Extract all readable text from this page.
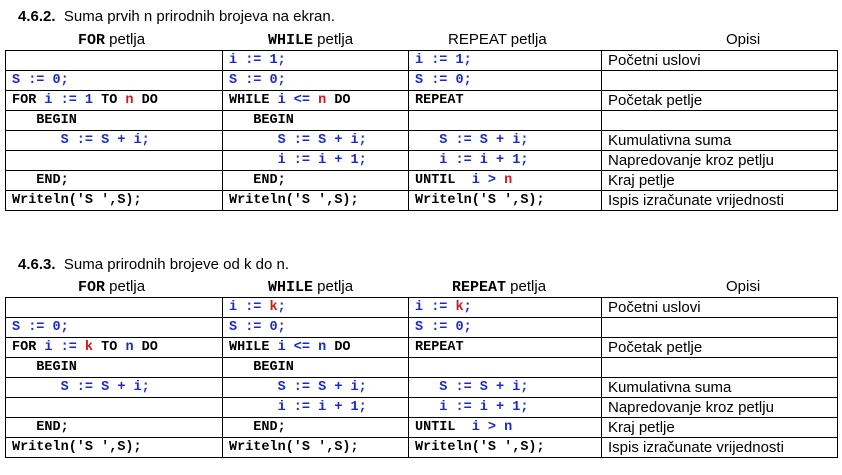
4.6.2. Suma prvih n prirodnih brojeva na ekran.
FOR petlja	WHILE petlja	REPEAT petlja	Opisi
	i := 1;	i := 1;	Početni uslovi
S := 0;	S := 0;	S := 0;	
FOR i := 1 TO n DO	WHILE i <= n DO	REPEAT	Početak petlje
BEGIN	BEGIN		
S := S + i;	S := S + i;	S := S + i;	Kumulativna suma
	i := i + 1;	i := i + 1;	Napredovanje kroz petlju
END;	END;	UNTIL  i > n	Kraj petlje
Writeln('S ',S);	Writeln('S ',S);	Writeln('S ',S);	Ispis izračunate vrijednosti
4.6.3. Suma prirodnih brojeve od k do n.
FOR petlja	WHILE petlja	REPEAT petlja	Opisi
	i := k;	i := k;	Početni uslovi
S := 0;	S := 0;	S := 0;	
FOR i := k TO n DO	WHILE i <= n DO	REPEAT	Početak petlje
BEGIN	BEGIN		
S := S + i;	S := S + i;	S := S + i;	Kumulativna suma
	i := i + 1;	i := i + 1;	Napredovanje kroz petlju
END;	END;	UNTIL  i > n	Kraj petlje
Writeln('S ',S);	Writeln('S ',S);	Writeln('S ',S);	Ispis izračunate vrijednosti
